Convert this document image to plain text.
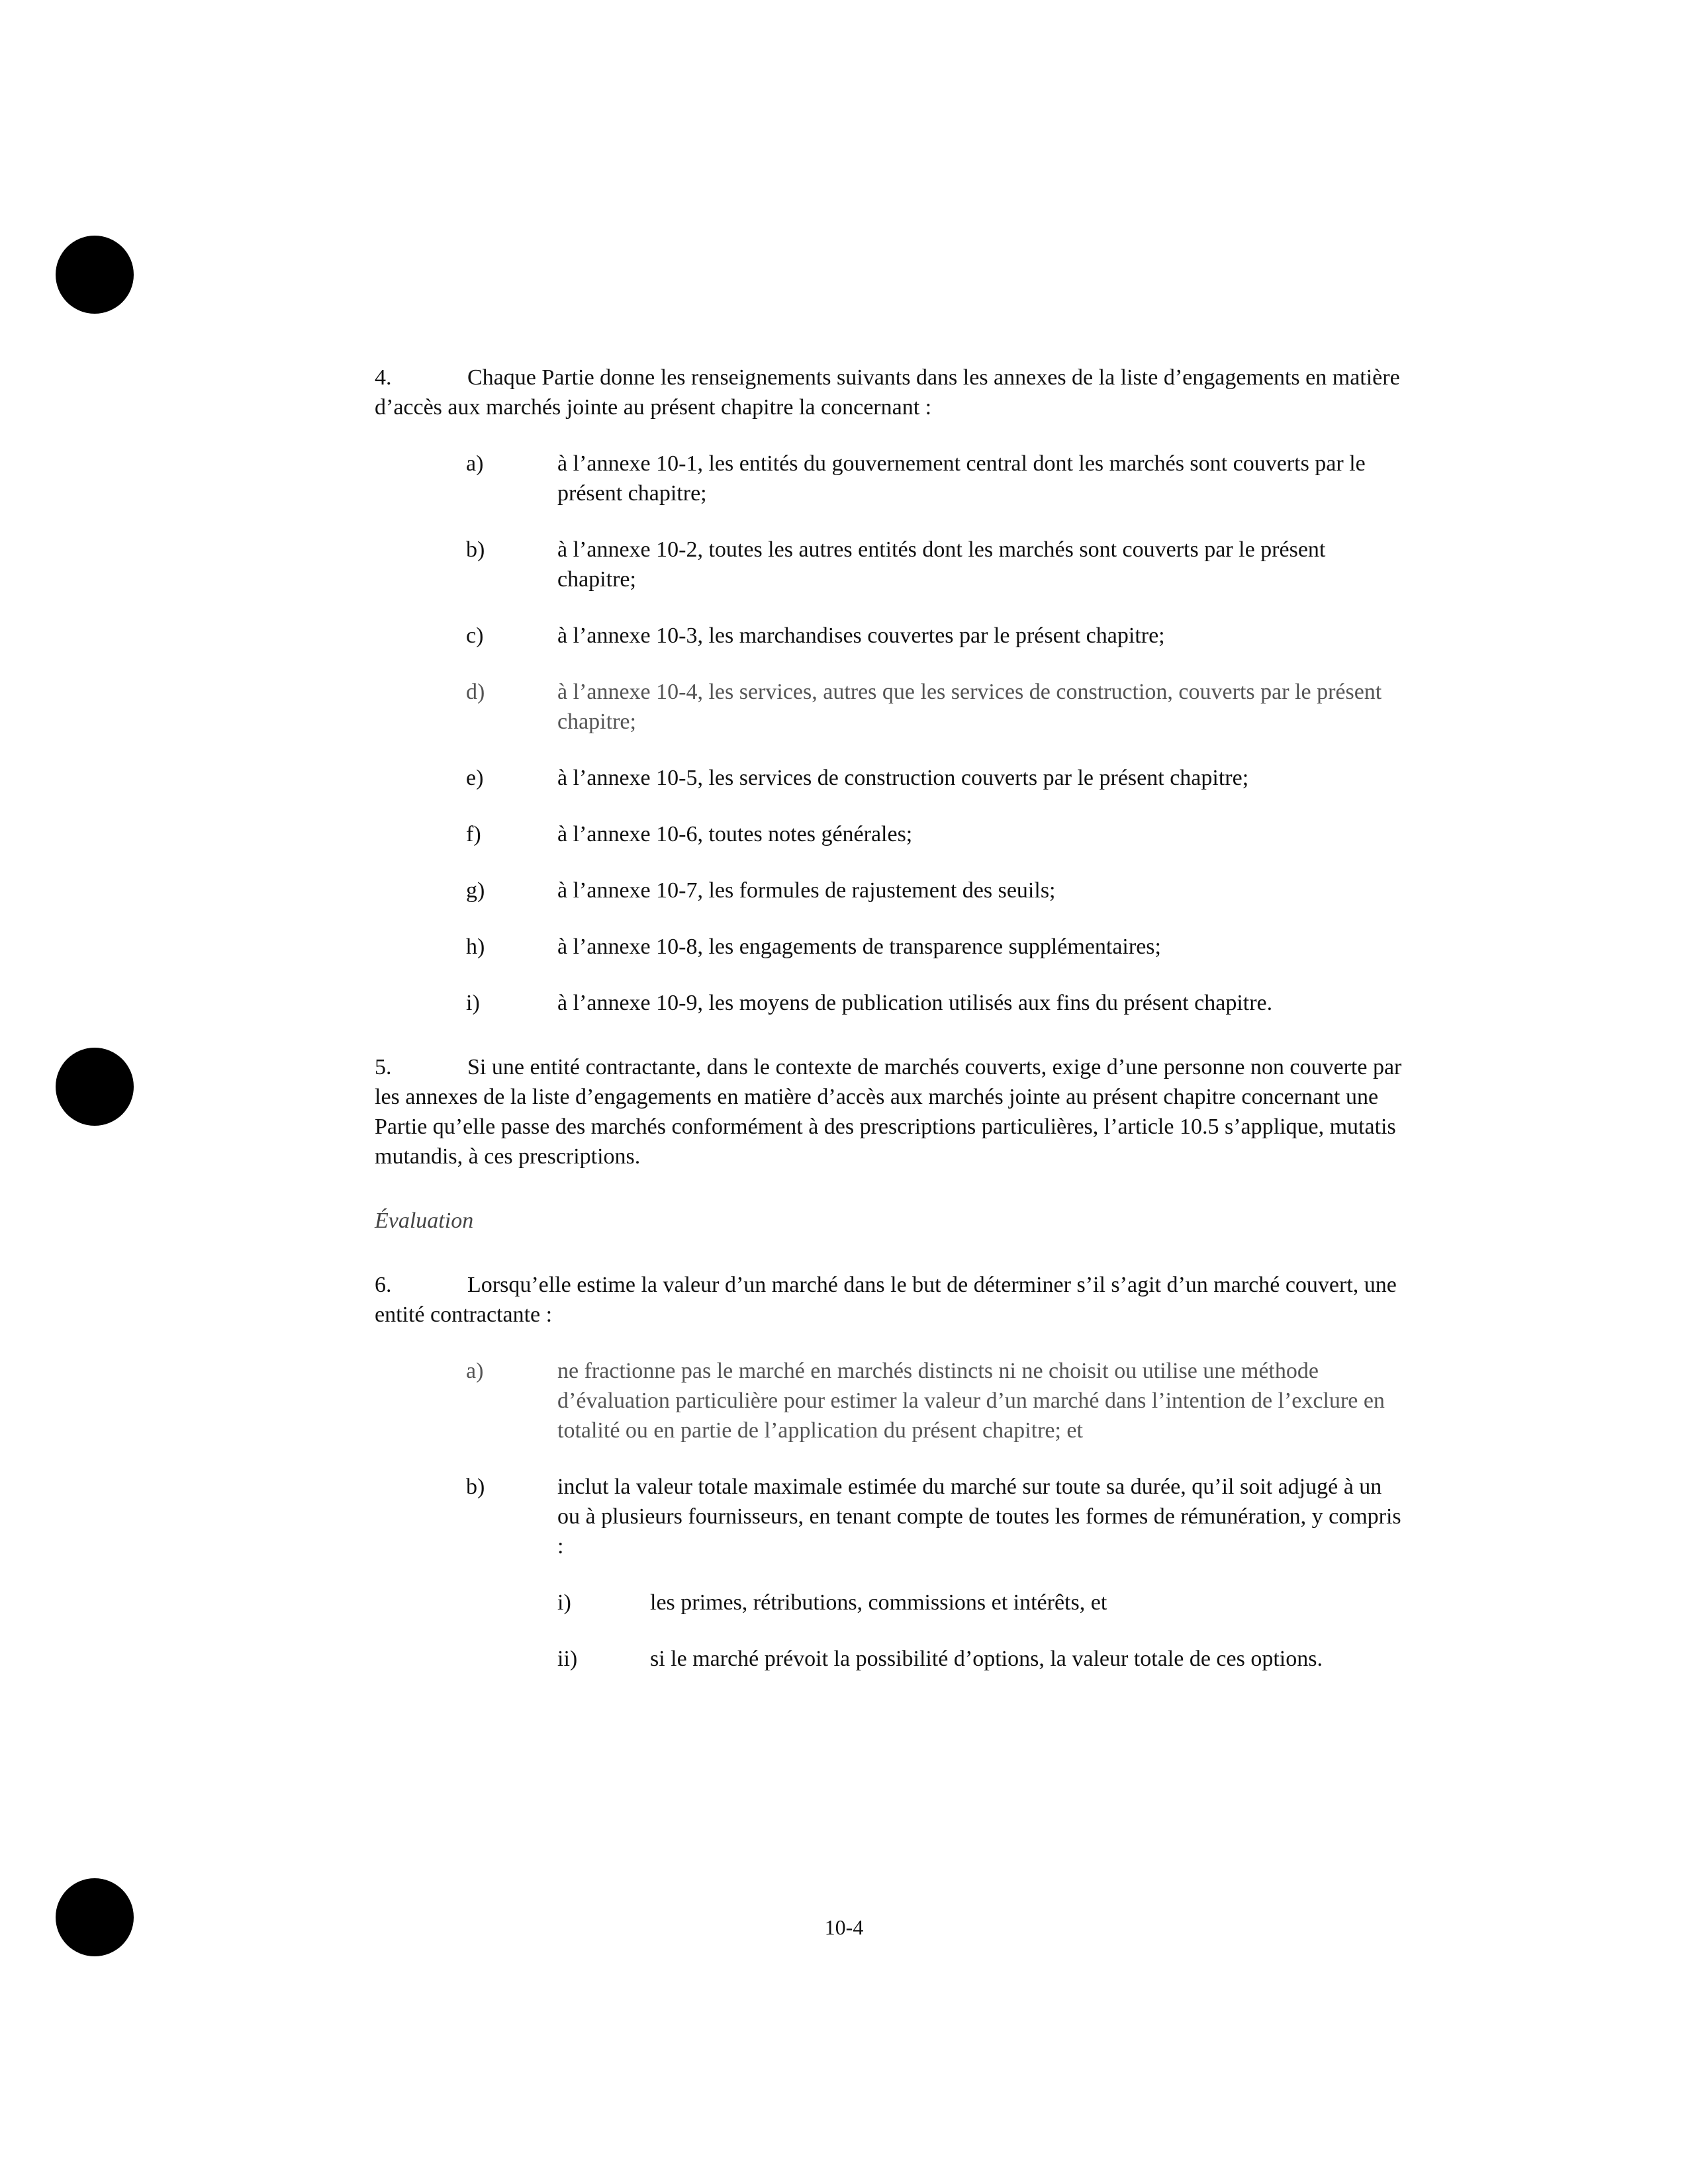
4.	Chaque Partie donne les renseignements suivants dans les annexes de la liste d’engagements en matière d’accès aux marchés jointe au présent chapitre la concernant :

a)	à l’annexe 10-1, les entités du gouvernement central dont les marchés sont couverts par le présent chapitre;
b)	à l’annexe 10-2, toutes les autres entités dont les marchés sont couverts par le présent chapitre;
c)	à l’annexe 10-3, les marchandises couvertes par le présent chapitre;
d)	à l’annexe 10-4, les services, autres que les services de construction, couverts par le présent chapitre;
e)	à l’annexe 10-5, les services de construction couverts par le présent chapitre;
f)	à l’annexe 10-6, toutes notes générales;
g)	à l’annexe 10-7, les formules de rajustement des seuils;
h)	à l’annexe 10-8, les engagements de transparence supplémentaires;
i)	à l’annexe 10-9, les moyens de publication utilisés aux fins du présent chapitre.

5.	Si une entité contractante, dans le contexte de marchés couverts, exige d’une personne non couverte par les annexes de la liste d’engagements en matière d’accès aux marchés jointe au présent chapitre concernant une Partie qu’elle passe des marchés conformément à des prescriptions particulières, l’article 10.5 s’applique, mutatis mutandis, à ces prescriptions.

Évaluation

6.	Lorsqu’elle estime la valeur d’un marché dans le but de déterminer s’il s’agit d’un marché couvert, une entité contractante :

a)	ne fractionne pas le marché en marchés distincts ni ne choisit ou utilise une méthode d’évaluation particulière pour estimer la valeur d’un marché dans l’intention de l’exclure en totalité ou en partie de l’application du présent chapitre; et
b)	inclut la valeur totale maximale estimée du marché sur toute sa durée, qu’il soit adjugé à un ou à plusieurs fournisseurs, en tenant compte de toutes les formes de rémunération, y compris :
i)	les primes, rétributions, commissions et intérêts, et
ii)	si le marché prévoit la possibilité d’options, la valeur totale de ces options.
10-4
